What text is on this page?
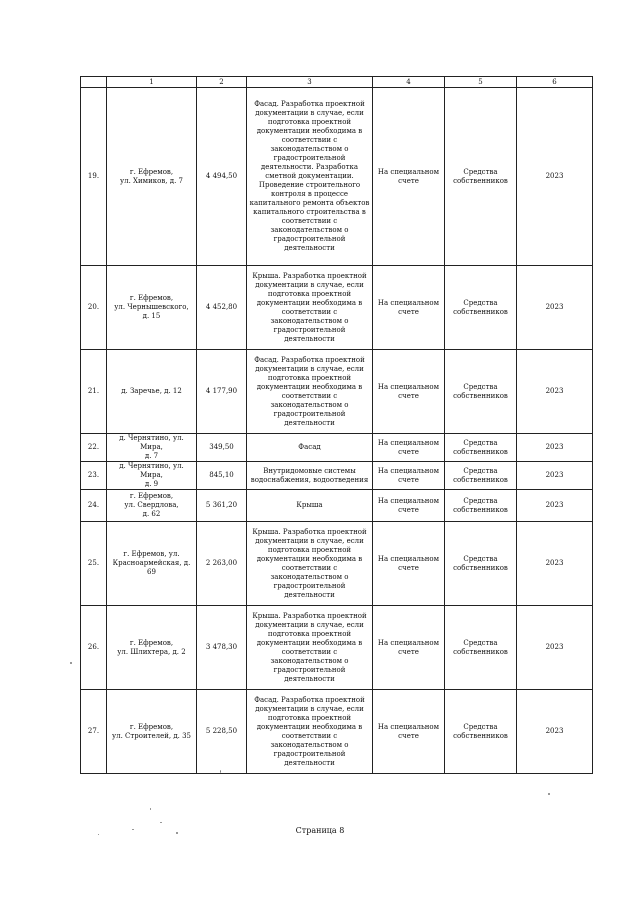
	1	2	3	4	5	6
19.	г. Ефремов,
ул. Химиков, д. 7	4 494,50	Фасад. Разработка проектной документации в случае, если подготовка проектной документации необходима в соответствии с законодательством о градостроительной деятельности. Разработка сметной документации. Проведение строительного контроля в процессе капитального ремонта объектов капитального строительства в соответствии с законодательством о градостроительной деятельности	На специальном счете	Средства собственников	2023
20.	г. Ефремов,
ул. Чернышевского,
д. 15	4 452,80	Крыша. Разработка проектной документации в случае, если подготовка проектной документации необходима в соответствии с законодательством о градостроительной деятельности	На специальном счете	Средства собственников	2023
21.	д. Заречье, д. 12	4 177,90	Фасад. Разработка проектной документации в случае, если подготовка проектной документации необходима в соответствии с законодательством о градостроительной деятельности	На специальном счете	Средства собственников	2023
22.	д. Чернятино, ул. Мира,
д. 7	349,50	Фасад	На специальном счете	Средства собственников	2023
23.	д. Чернятино, ул. Мира,
д. 9	845,10	Внутридомовые системы водоснабжения, водоотведения	На специальном счете	Средства собственников	2023
24.	г. Ефремов,
ул. Свердлова,
д. 62	5 361,20	Крыша	На специальном счете	Средства собственников	2023
25.	г. Ефремов, ул.
Красноармейская, д. 69	2 263,00	Крыша. Разработка проектной документации в случае, если подготовка проектной документации необходима в соответствии с законодательством о градостроительной деятельности	На специальном счете	Средства собственников	2023
26.	г. Ефремов,
ул. Шлихтера, д. 2	3 478,30	Крыша. Разработка проектной документации в случае, если подготовка проектной документации необходима в соответствии с законодательством о градостроительной деятельности	На специальном счете	Средства собственников	2023
27.	г. Ефремов,
ул. Строителей, д. 35	5 228,50	Фасад. Разработка проектной документации в случае, если подготовка проектной документации необходима в соответствии с законодательством о градостроительной деятельности	На специальном счете	Средства собственников	2023
Страница 8
